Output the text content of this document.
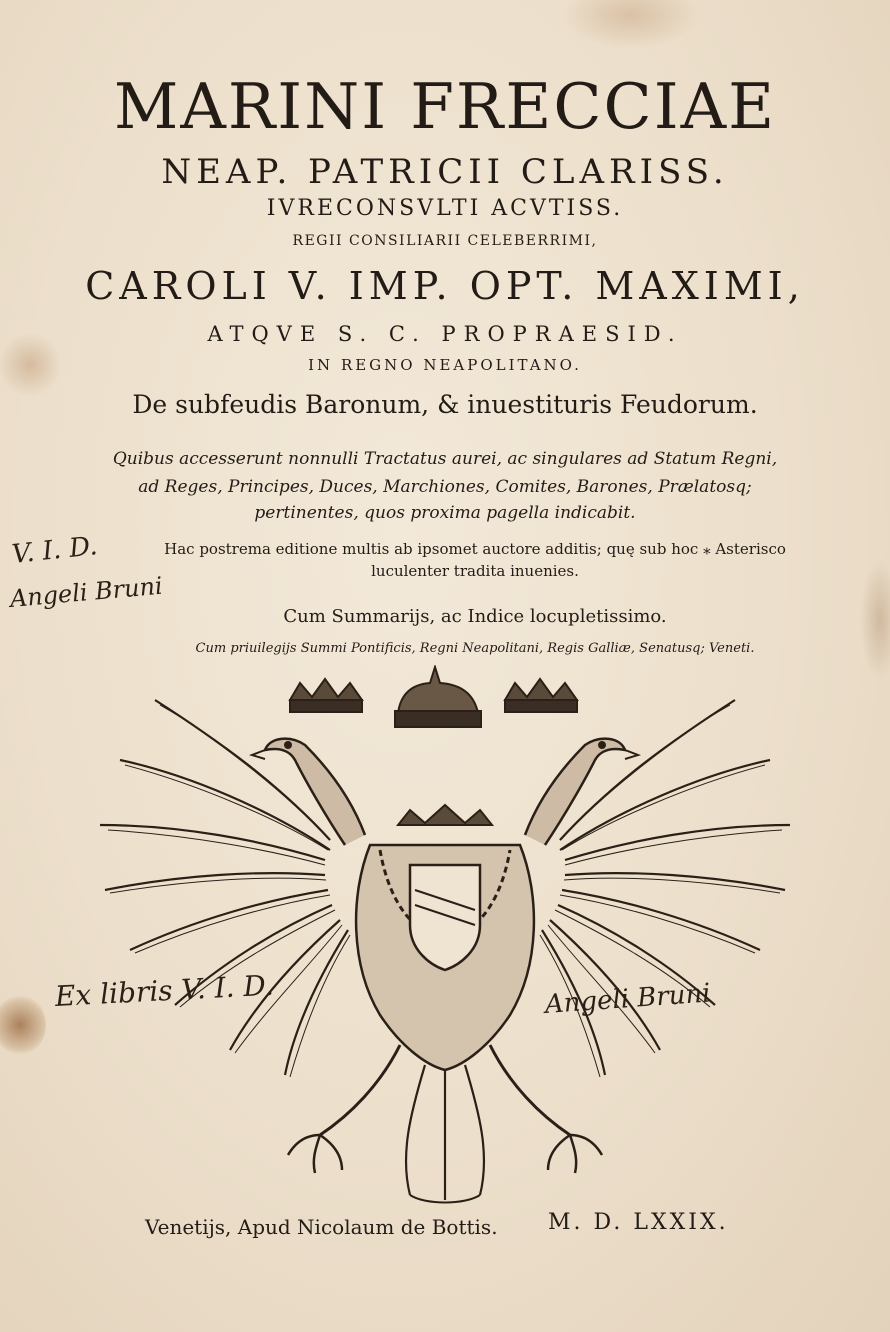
MARINI FRECCIAE
NEAP. PATRICII CLARISS.
IVRECONSVLTI ACVTISS.
REGII CONSILIARII CELEBERRIMI,
CAROLI V. IMP. OPT. MAXIMI,
ATQVE S. C. PROPRAESID.
IN REGNO NEAPOLITANO.
De subfeudis Baronum, & inuestituris Feudorum.
Quibus accesserunt nonnulli Tractatus aurei, ac singulares ad Statum Regni,
ad Reges, Principes, Duces, Marchiones, Comites, Barones, Prælatosq;
pertinentes, quos proxima pagella indicabit.
Hac postrema editione multis ab ipsomet auctore additis; quę sub hoc ⁎ Asterisco
luculenter tradita inuenies.
Cum Summarijs, ac Indice locupletissimo.
Cum priuilegijs Summi Pontificis, Regni Neapolitani, Regis Galliæ, Senatusq; Veneti.
V. I. D.
Angeli Bruni
Ex libris V. I. D.	Angeli Bruni
Venetijs, Apud Nicolaum de Bottis. M. D. LXXIX.
